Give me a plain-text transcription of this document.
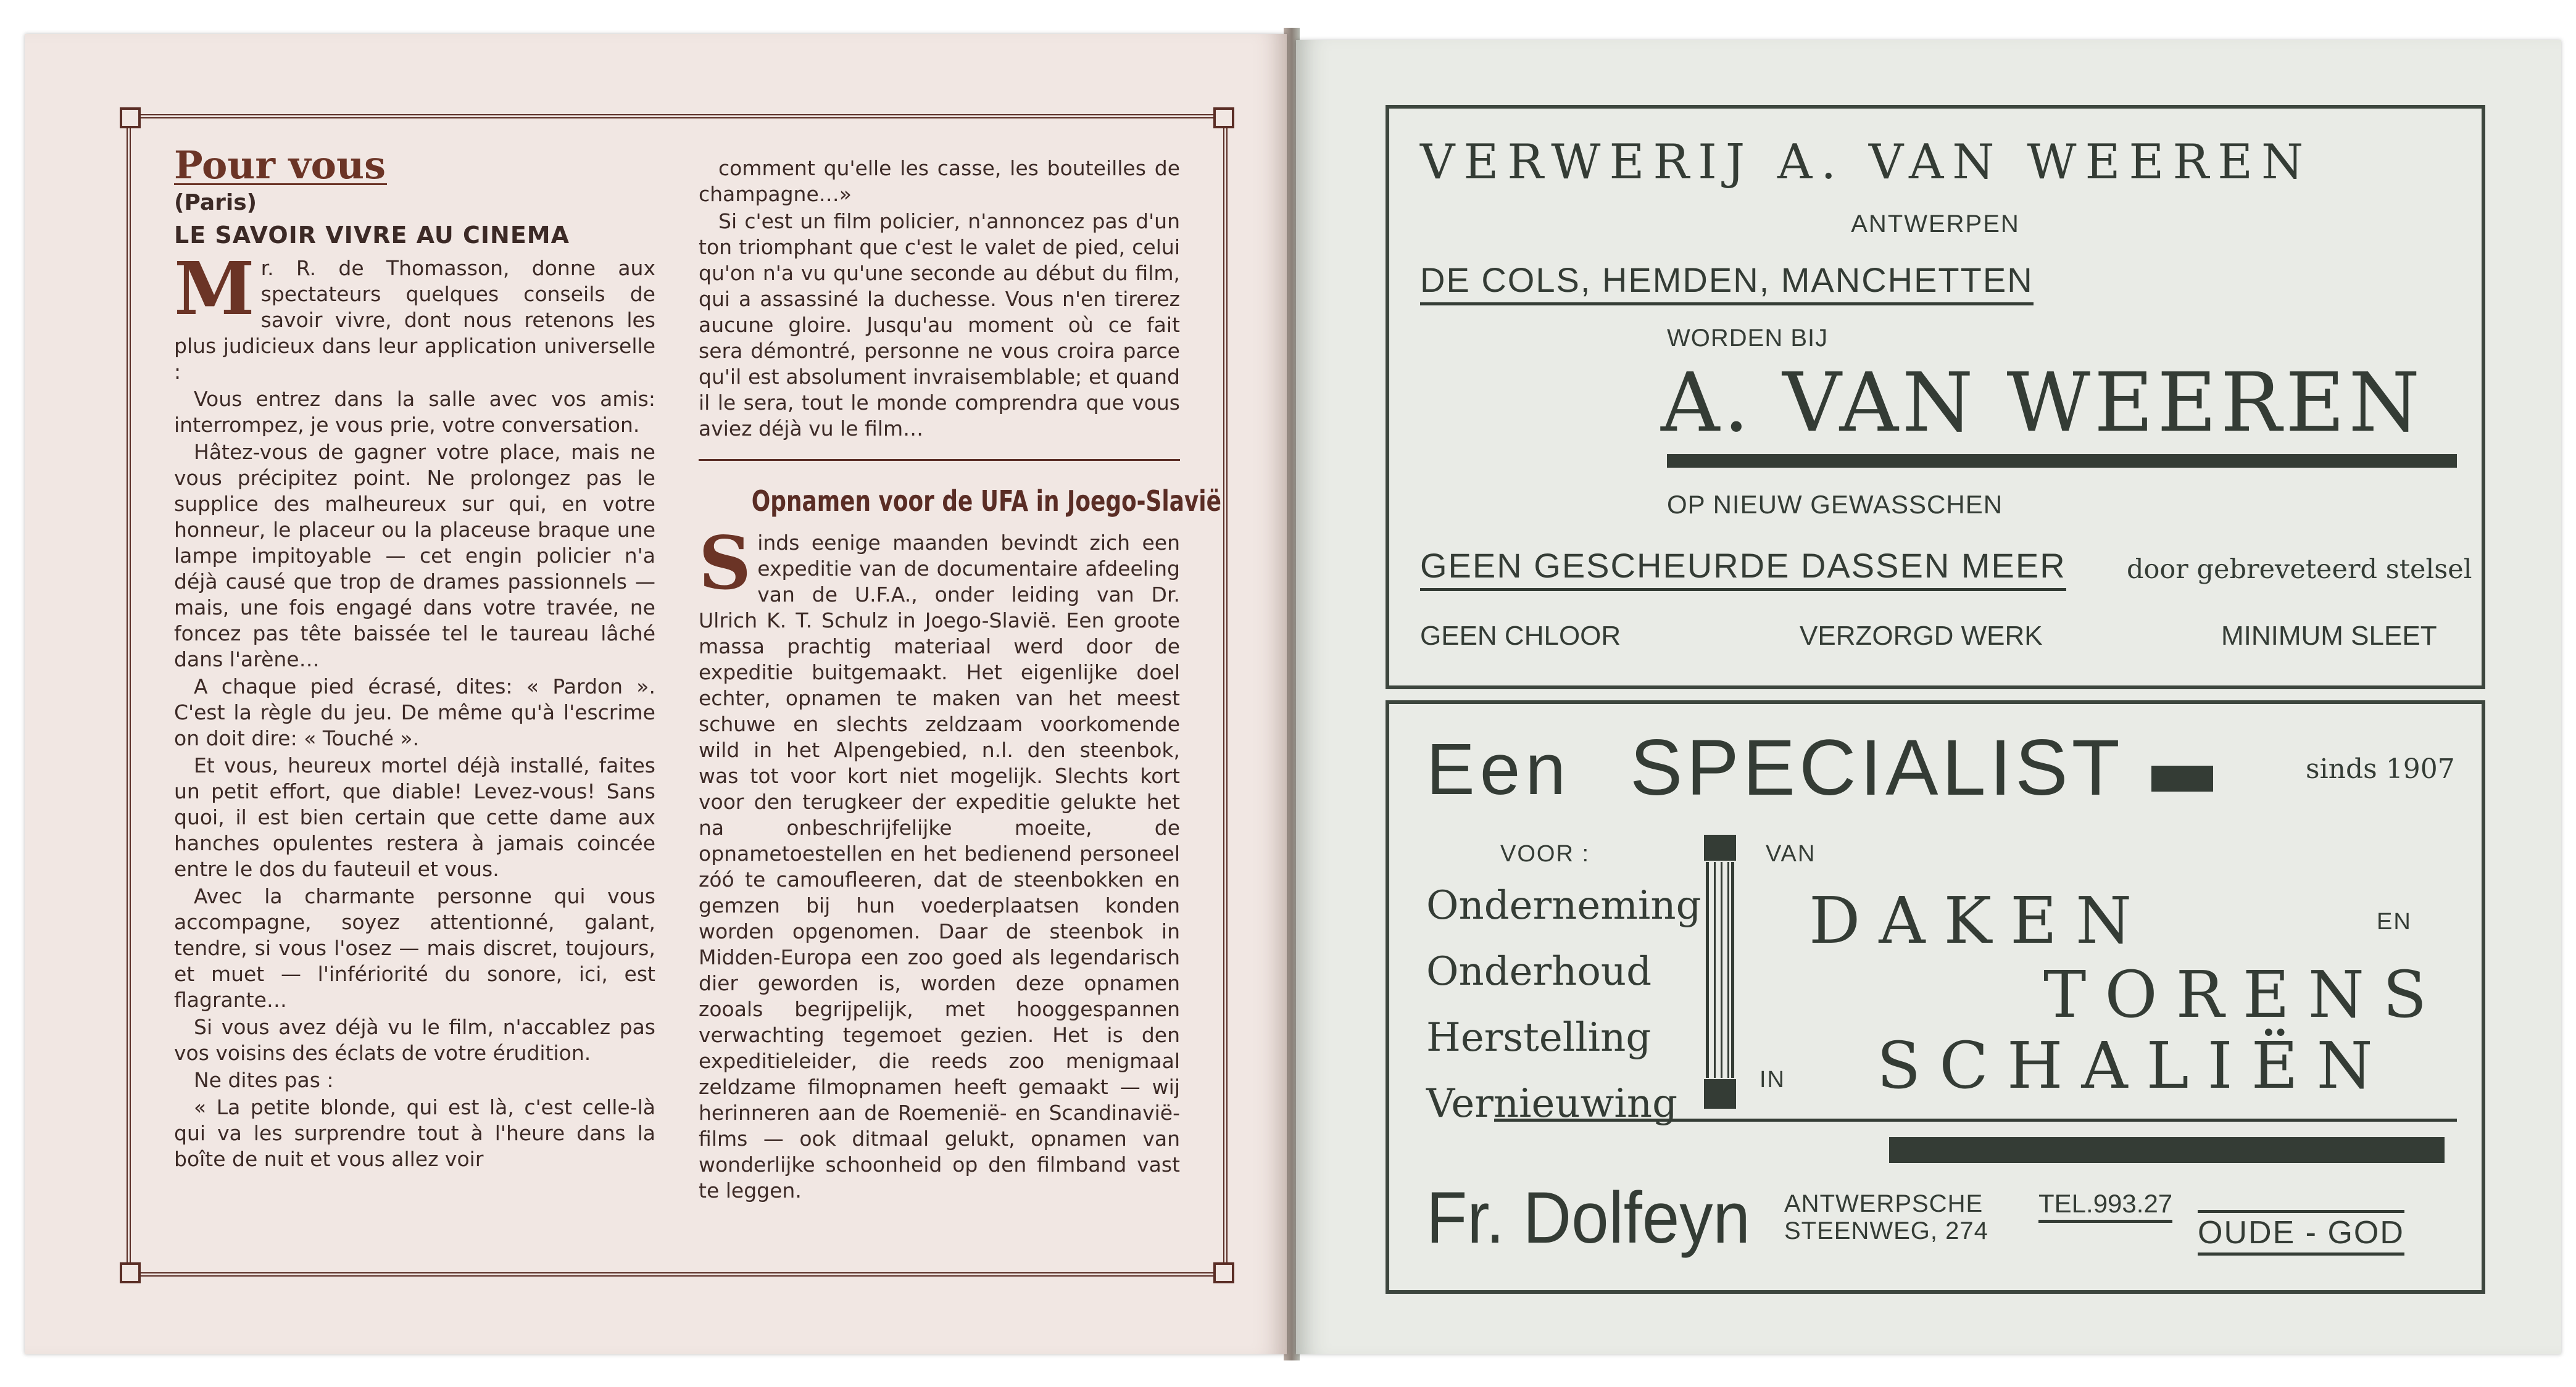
Pour vous
(Paris)
LE SAVOIR VIVRE AU CINEMA

Mr. R. de Thomasson, donne aux spectateurs quelques conseils de savoir vivre, dont nous retenons les plus judicieux dans leur application universelle :

Vous entrez dans la salle avec vos amis: interrompez, je vous prie, votre conversation.

Hâtez-vous de gagner votre place, mais ne vous précipitez point. Ne prolongez pas le supplice des malheureux sur qui, en votre honneur, le placeur ou la placeuse braque une lampe impitoyable — cet engin policier n'a déjà causé que trop de drames passionnels — mais, une fois engagé dans votre travée, ne foncez pas tête baissée tel le taureau lâché dans l'arène…

A chaque pied écrasé, dites: « Pardon ». C'est la règle du jeu. De même qu'à l'escrime on doit dire: « Touché ».

Et vous, heureux mortel déjà installé, faites un petit effort, que diable! Levez-vous! Sans quoi, il est bien certain que cette dame aux hanches opulentes restera à jamais coincée entre le dos du fauteuil et vous.

Avec la charmante personne qui vous accompagne, soyez attentionné, galant, tendre, si vous l'osez — mais discret, toujours, et muet — l'infériorité du sonore, ici, est flagrante…

Si vous avez déjà vu le film, n'accablez pas vos voisins des éclats de votre érudition.

Ne dites pas :

« La petite blonde, qui est là, c'est celle-là qui va les surprendre tout à l'heure dans la boîte de nuit et vous allez voir

comment qu'elle les casse, les bouteilles de champagne…»

Si c'est un film policier, n'annoncez pas d'un ton triomphant que c'est le valet de pied, celui qu'on n'a vu qu'une seconde au début du film, qui a assassiné la duchesse. Vous n'en tirerez aucune gloire. Jusqu'au moment où ce fait sera démontré, personne ne vous croira parce qu'il est absolument invraisemblable; et quand il le sera, tout le monde comprendra que vous aviez déjà vu le film…

Opnamen voor de UFA in Joego-Slavië

Sinds eenige maanden bevindt zich een expeditie van de documentaire afdeeling van de U.F.A., onder leiding van Dr. Ulrich K. T. Schulz in Joego-Slavië. Een groote massa prachtig materiaal werd door de expeditie buitgemaakt. Het eigenlijke doel echter, opnamen te maken van het meest schuwe en slechts zeldzaam voorkomende wild in het Alpengebied, n.l. den steenbok, was tot voor kort niet mogelijk. Slechts kort voor den terugkeer der expeditie gelukte het na onbeschrijfelijke moeite, de opnametoestellen en het bedienend personeel zóó te camoufleeren, dat de steenbokken en gemzen bij hun voederplaatsen konden worden opgenomen. Daar de steenbok in Midden-Europa een zoo goed als legendarisch dier geworden is, worden deze opnamen zooals begrijpelijk, met hooggespannen verwachting tegemoet gezien. Het is den expeditieleider, die reeds zoo menigmaal zeldzame filmopnamen heeft gemaakt — wij herinneren aan de Roemenië- en Scandinavië-films — ook ditmaal gelukt, opnamen van wonderlijke schoonheid op den filmband vast te leggen.

VERWERIJ A. VAN WEEREN
ANTWERPEN
DE COLS, HEMDEN, MANCHETTEN
WORDEN BIJ
A. VAN WEEREN
OP NIEUW GEWASSCHEN
GEEN GESCHEURDE DASSEN MEER door gebreveteerd stelsel
GEEN CHLOOR	VERZORGD WERK	MINIMUM SLEET
Een SPECIALIST	sinds 1907
VOOR :
Onderneming
Onderhoud
Herstelling
Vernieuwing
VAN
DAKEN	EN
TORENS
IN SCHALIËN
Fr. Dolfeyn ANTWERPSCHE
STEENWEG, 274
TEL.993.27
OUDE - GOD
